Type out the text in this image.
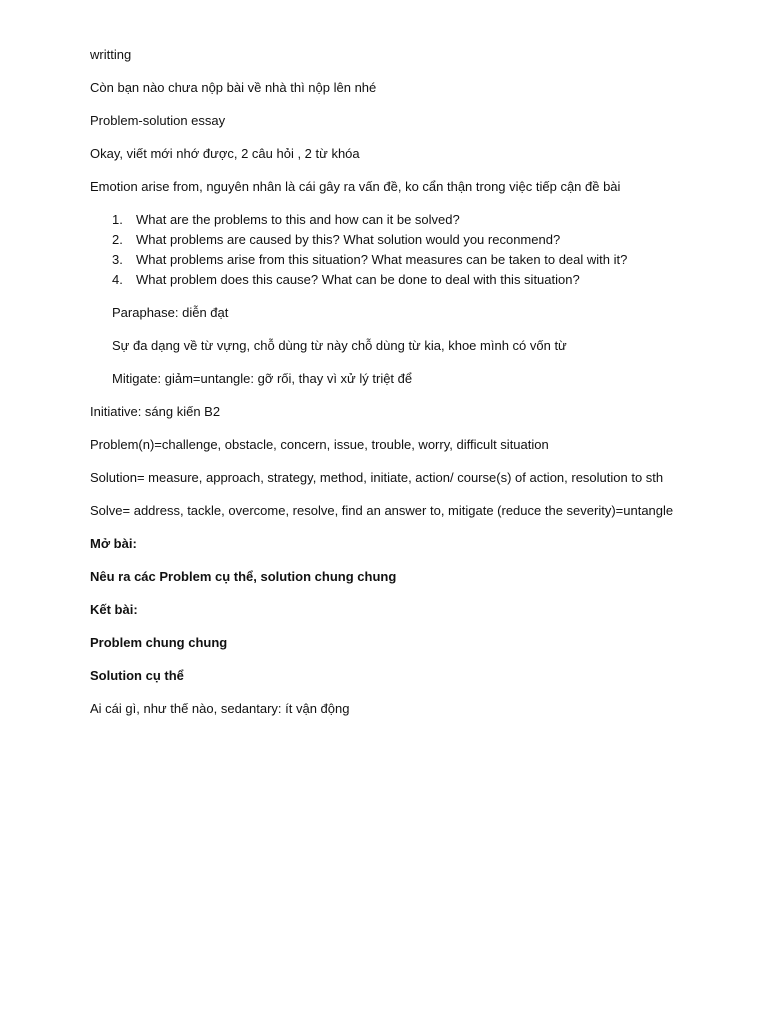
writting

Còn bạn nào chưa nộp bài về nhà thì nộp lên nhé

Problem-solution essay

Okay, viết mới nhớ được, 2 câu hỏi , 2 từ khóa

Emotion arise from, nguyên nhân là cái gây ra vấn đề, ko cẩn thận trong việc tiếp cận đề bài

1. What are the problems to this and how can it be solved?
2. What problems are caused by this? What solution would you reconmend?
3. What problems arise from this situation? What measures can be taken to deal with it?
4. What problem does this cause? What can be done to deal with this situation?

Paraphase: diễn đạt

Sự đa dạng về từ vựng, chỗ dùng từ này chỗ dùng từ kia, khoe mình có vốn từ

Mitigate: giảm=untangle: gỡ rối, thay vì xử lý triệt để

Initiative: sáng kiến B2

Problem(n)=challenge, obstacle, concern, issue, trouble, worry, difficult situation

Solution= measure, approach, strategy, method, initiate, action/ course(s) of action, resolution to sth

Solve= address, tackle, overcome, resolve, find an answer to, mitigate (reduce the severity)=untangle

Mở bài:

Nêu ra các Problem cụ thể, solution chung chung

Kết bài:

Problem chung chung

Solution cụ thể

Ai cái gì, như thế nào, sedantary: ít vận động
